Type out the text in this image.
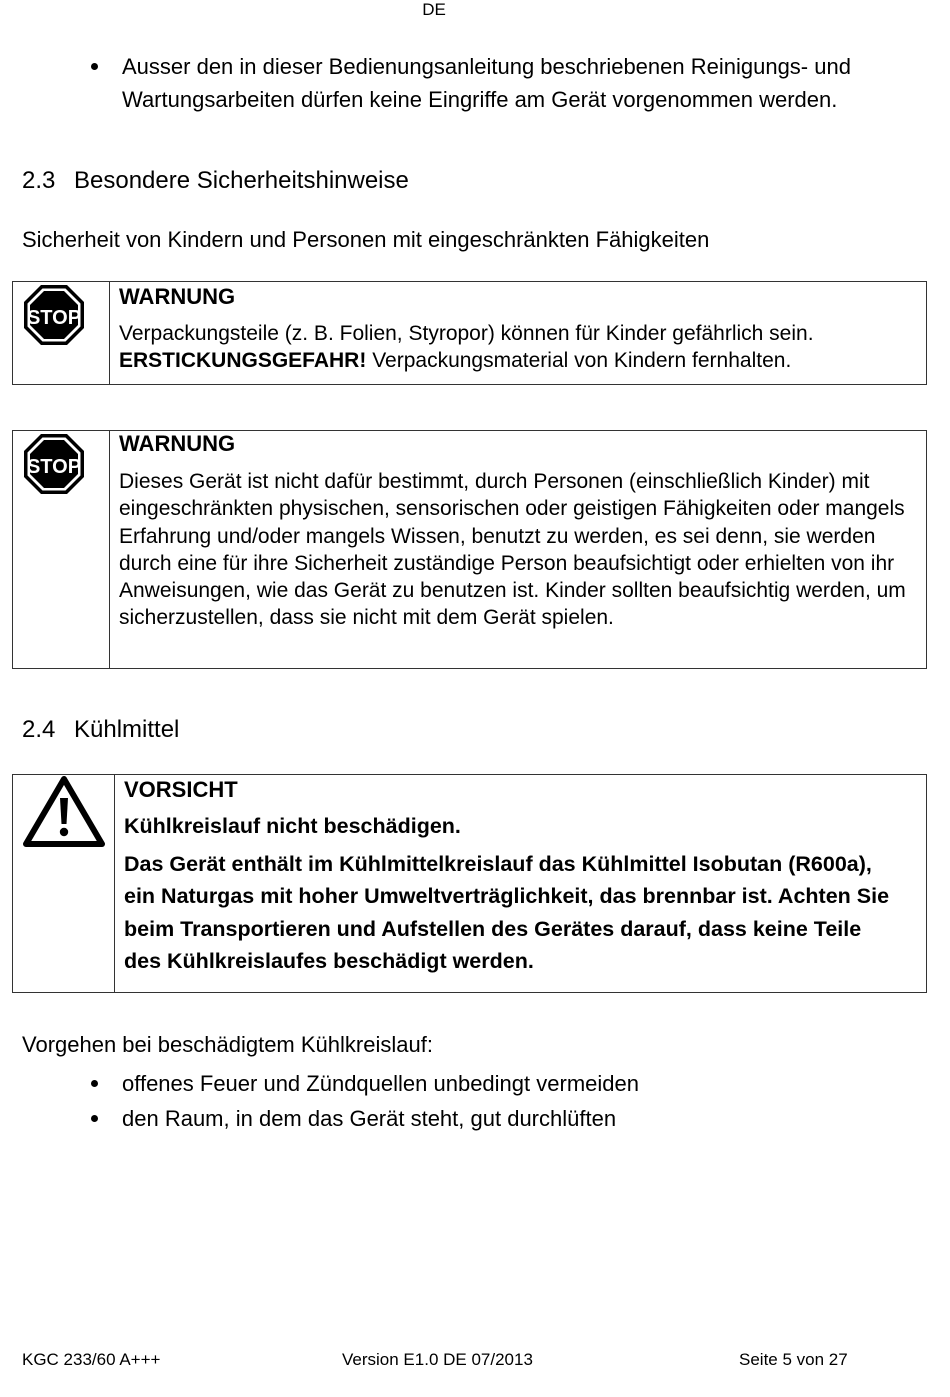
DE
Ausser den in dieser Bedienungsanleitung beschriebenen Reinigungs- und Wartungsarbeiten dürfen keine Eingriffe am Gerät vorgenommen werden.
2.3 Besondere Sicherheitshinweise
Sicherheit von Kindern und Personen mit eingeschränkten Fähigkeiten
STOP
WARNUNG
Verpackungsteile (z. B. Folien, Styropor) können für Kinder gefährlich sein.
ERSTICKUNGSGEFAHR! Verpackungsmaterial von Kindern fernhalten.
STOP
WARNUNG
Dieses Gerät ist nicht dafür bestimmt, durch Personen (einschließlich Kinder) mit eingeschränkten physischen, sensorischen oder geistigen Fähigkeiten oder mangels Erfahrung und/oder mangels Wissen, benutzt zu werden, es sei denn, sie werden durch eine für ihre Sicherheit zuständige Person beaufsichtigt oder erhielten von ihr Anweisungen, wie das Gerät zu benutzen ist. Kinder sollten beaufsichtig werden, um sicherzustellen, dass sie nicht mit dem Gerät spielen.
2.4 Kühlmittel
VORSICHT
Kühlkreislauf nicht beschädigen.
Das Gerät enthält im Kühlmittelkreislauf das Kühlmittel Isobutan (R600a), ein Naturgas mit hoher Umweltverträglichkeit, das brennbar ist. Achten Sie beim Transportieren und Aufstellen des Gerätes darauf, dass keine Teile des Kühlkreislaufes beschädigt werden.
Vorgehen bei beschädigtem Kühlkreislauf:
offenes Feuer und Zündquellen unbedingt vermeiden
den Raum, in dem das Gerät steht, gut durchlüften
KGC 233/60 A+++	Version E1.0 DE 07/2013	Seite 5 von 27
